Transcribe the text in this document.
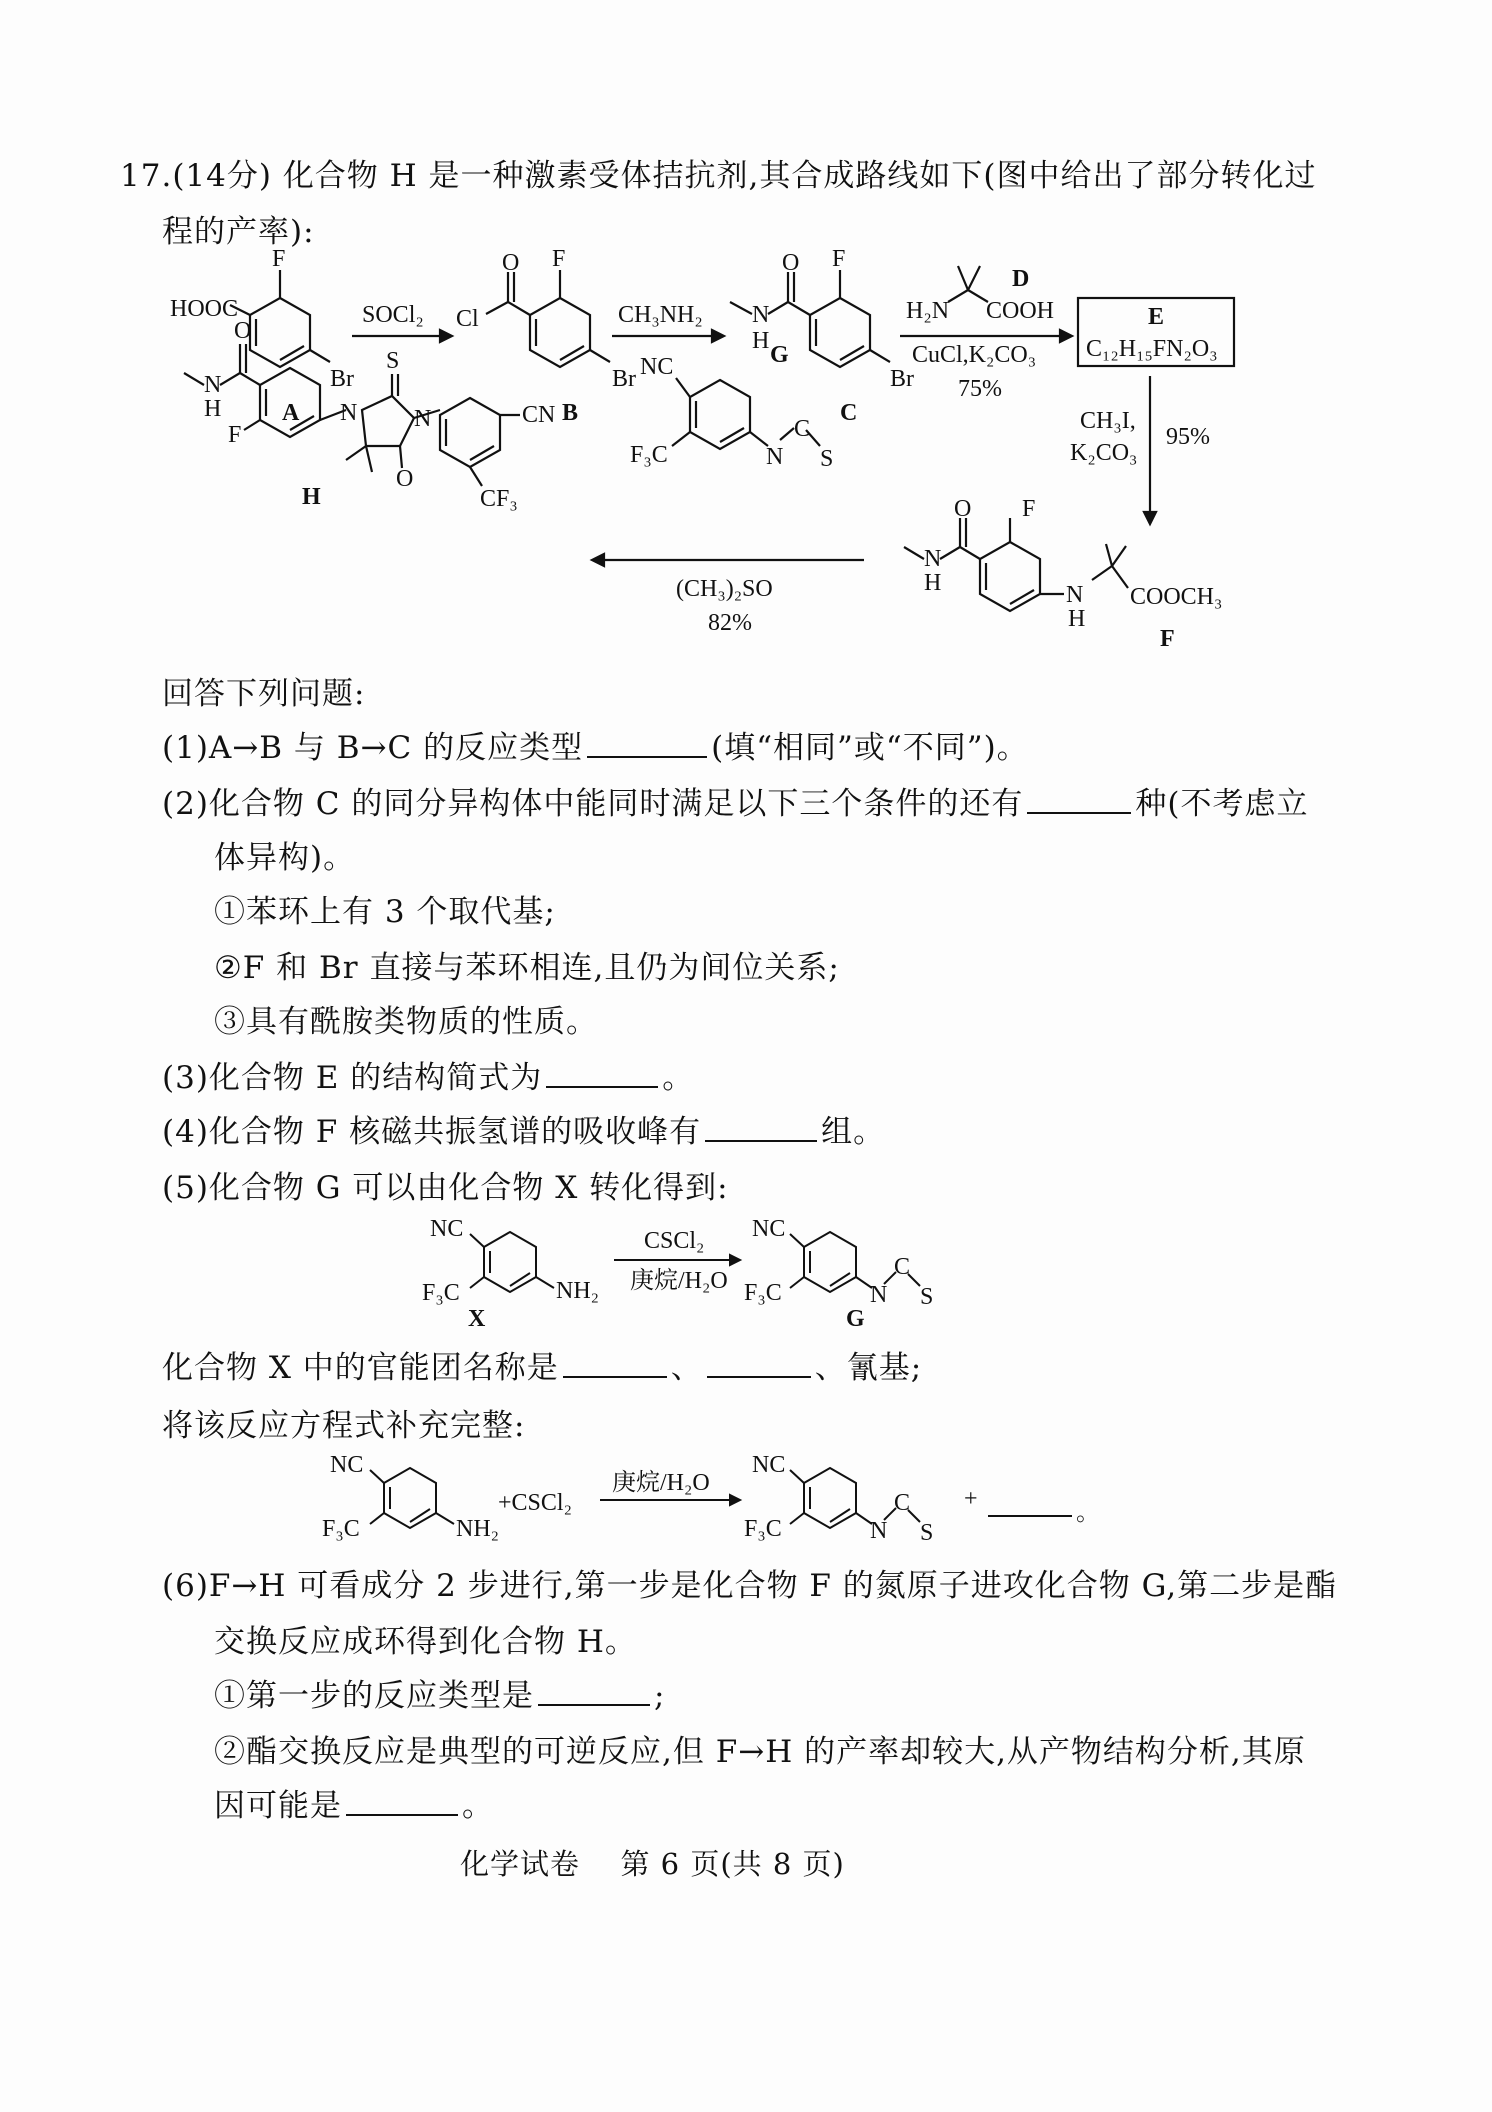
17.(14分) 化合物 H 是一种激素受体拮抗剂,其合成路线如下(图中给出了部分转化过
程的产率):
HOOC
F
Br
A
SOCl₂ Cl
O F
Br
B
CH₃NH₂ N
H
O F
Br
C
D
H₂N COOH
CuCl,K₂CO₃
75%
E
C₁₂H₁₅FN₂O₃
CH₃I,
K₂CO₃
95%
N
H
O F
N
H
COOCH₃
F
NC
F₃C	N
C
S
G
(CH₃)₂SO
82%
O
N
H
F
S
N N
O
CN
CF₃
H
回答下列问题:
(1)A→B 与 B→C 的反应类型	(填“相同”或“不同”)。
(2)化合物 C 的同分异构体中能同时满足以下三个条件的还有	种(不考虑立
体异构)。
①苯环上有 3 个取代基;
②F 和 Br 直接与苯环相连,且仍为间位关系;
③具有酰胺类物质的性质。
(3)化合物 E 的结构简式为	。
(4)化合物 F 核磁共振氢谱的吸收峰有	组。
(5)化合物 G 可以由化合物 X 转化得到:
NC
F₃C	NH₂
X
CSCl₂
庚烷/H₂O
NC
F₃C	N
C
S
G
化合物 X 中的官能团名称是	、	、氰基;
将该反应方程式补充完整:
NC
F₃C	NH₂
+CSCl₂
庚烷/H₂O
NC
F₃C	N
C
S
+
。
(6)F→H 可看成分 2 步进行,第一步是化合物 F 的氮原子进攻化合物 G,第二步是酯
交换反应成环得到化合物 H。
①第一步的反应类型是	;
②酯交换反应是典型的可逆反应,但 F→H 的产率却较大,从产物结构分析,其原
因可能是	。
化学试卷 第 6 页(共 8 页)
